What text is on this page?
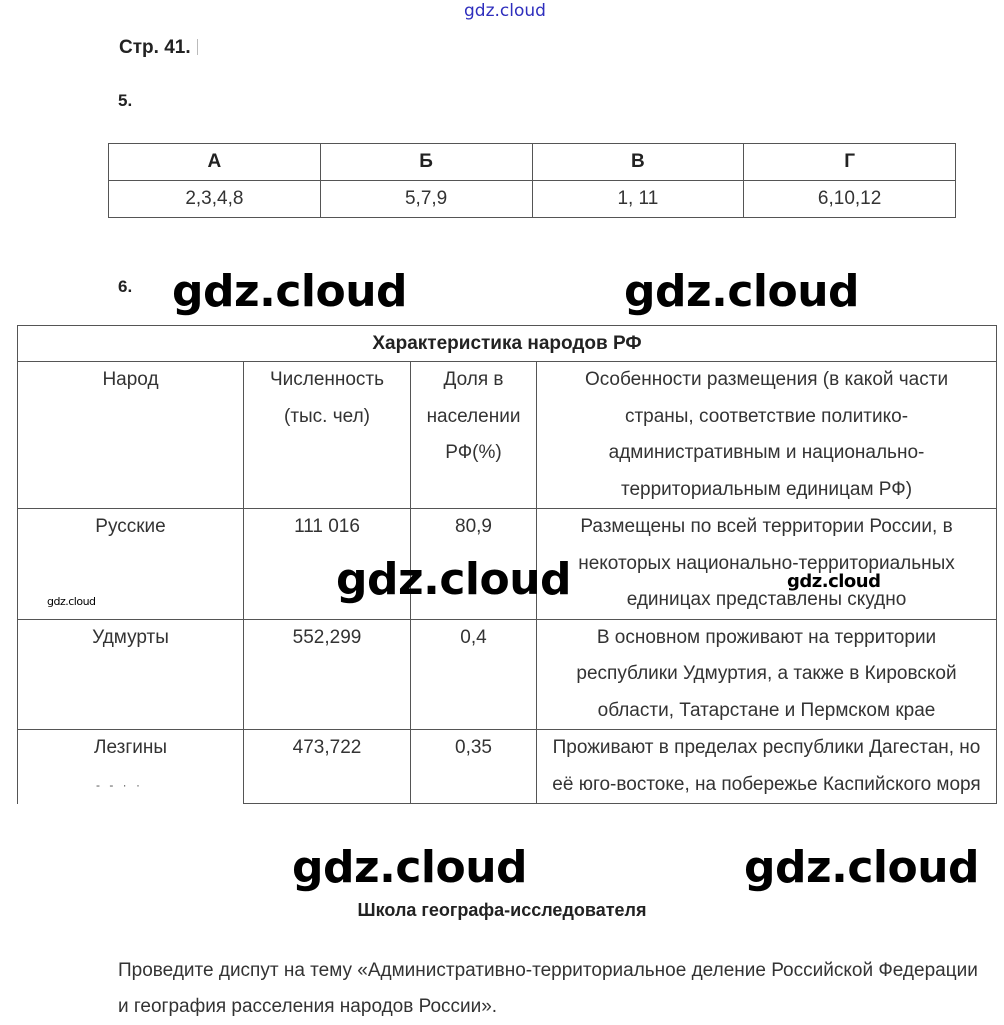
gdz.cloud
Стр. 41.
5.
А	Б	В	Г
2,3,4,8	5,7,9	1, 11	6,10,12
6.
Характеристика народов РФ			
Народ	Численность (тыс. чел)	Доля в населении РФ(%)	Особенности размещения (в какой части страны, соответствие политико-административным и национально-территориальным единицам РФ)
Русские	111 016	80,9	Размещены по всей территории России, в некоторых национально-территориальных единицах представлены скудно
Удмурты	552,299	0,4	В основном проживают на территории республики Удмуртия, а также в Кировской области, Татарстане и Пермском крае
Лезгины	473,722	0,35	Проживают в пределах республики Дагестан, но её юго-востоке, на побережье Каспийского моря
- - · ·
gdz.cloud	gdz.cloud
gdz.cloud	gdz.cloud
gdz.cloud
gdz.cloud	gdz.cloud
Школа географа-исследователя
Проведите диспут на тему «Административно-территориальное деление Российской Федерации и география расселения народов России».
